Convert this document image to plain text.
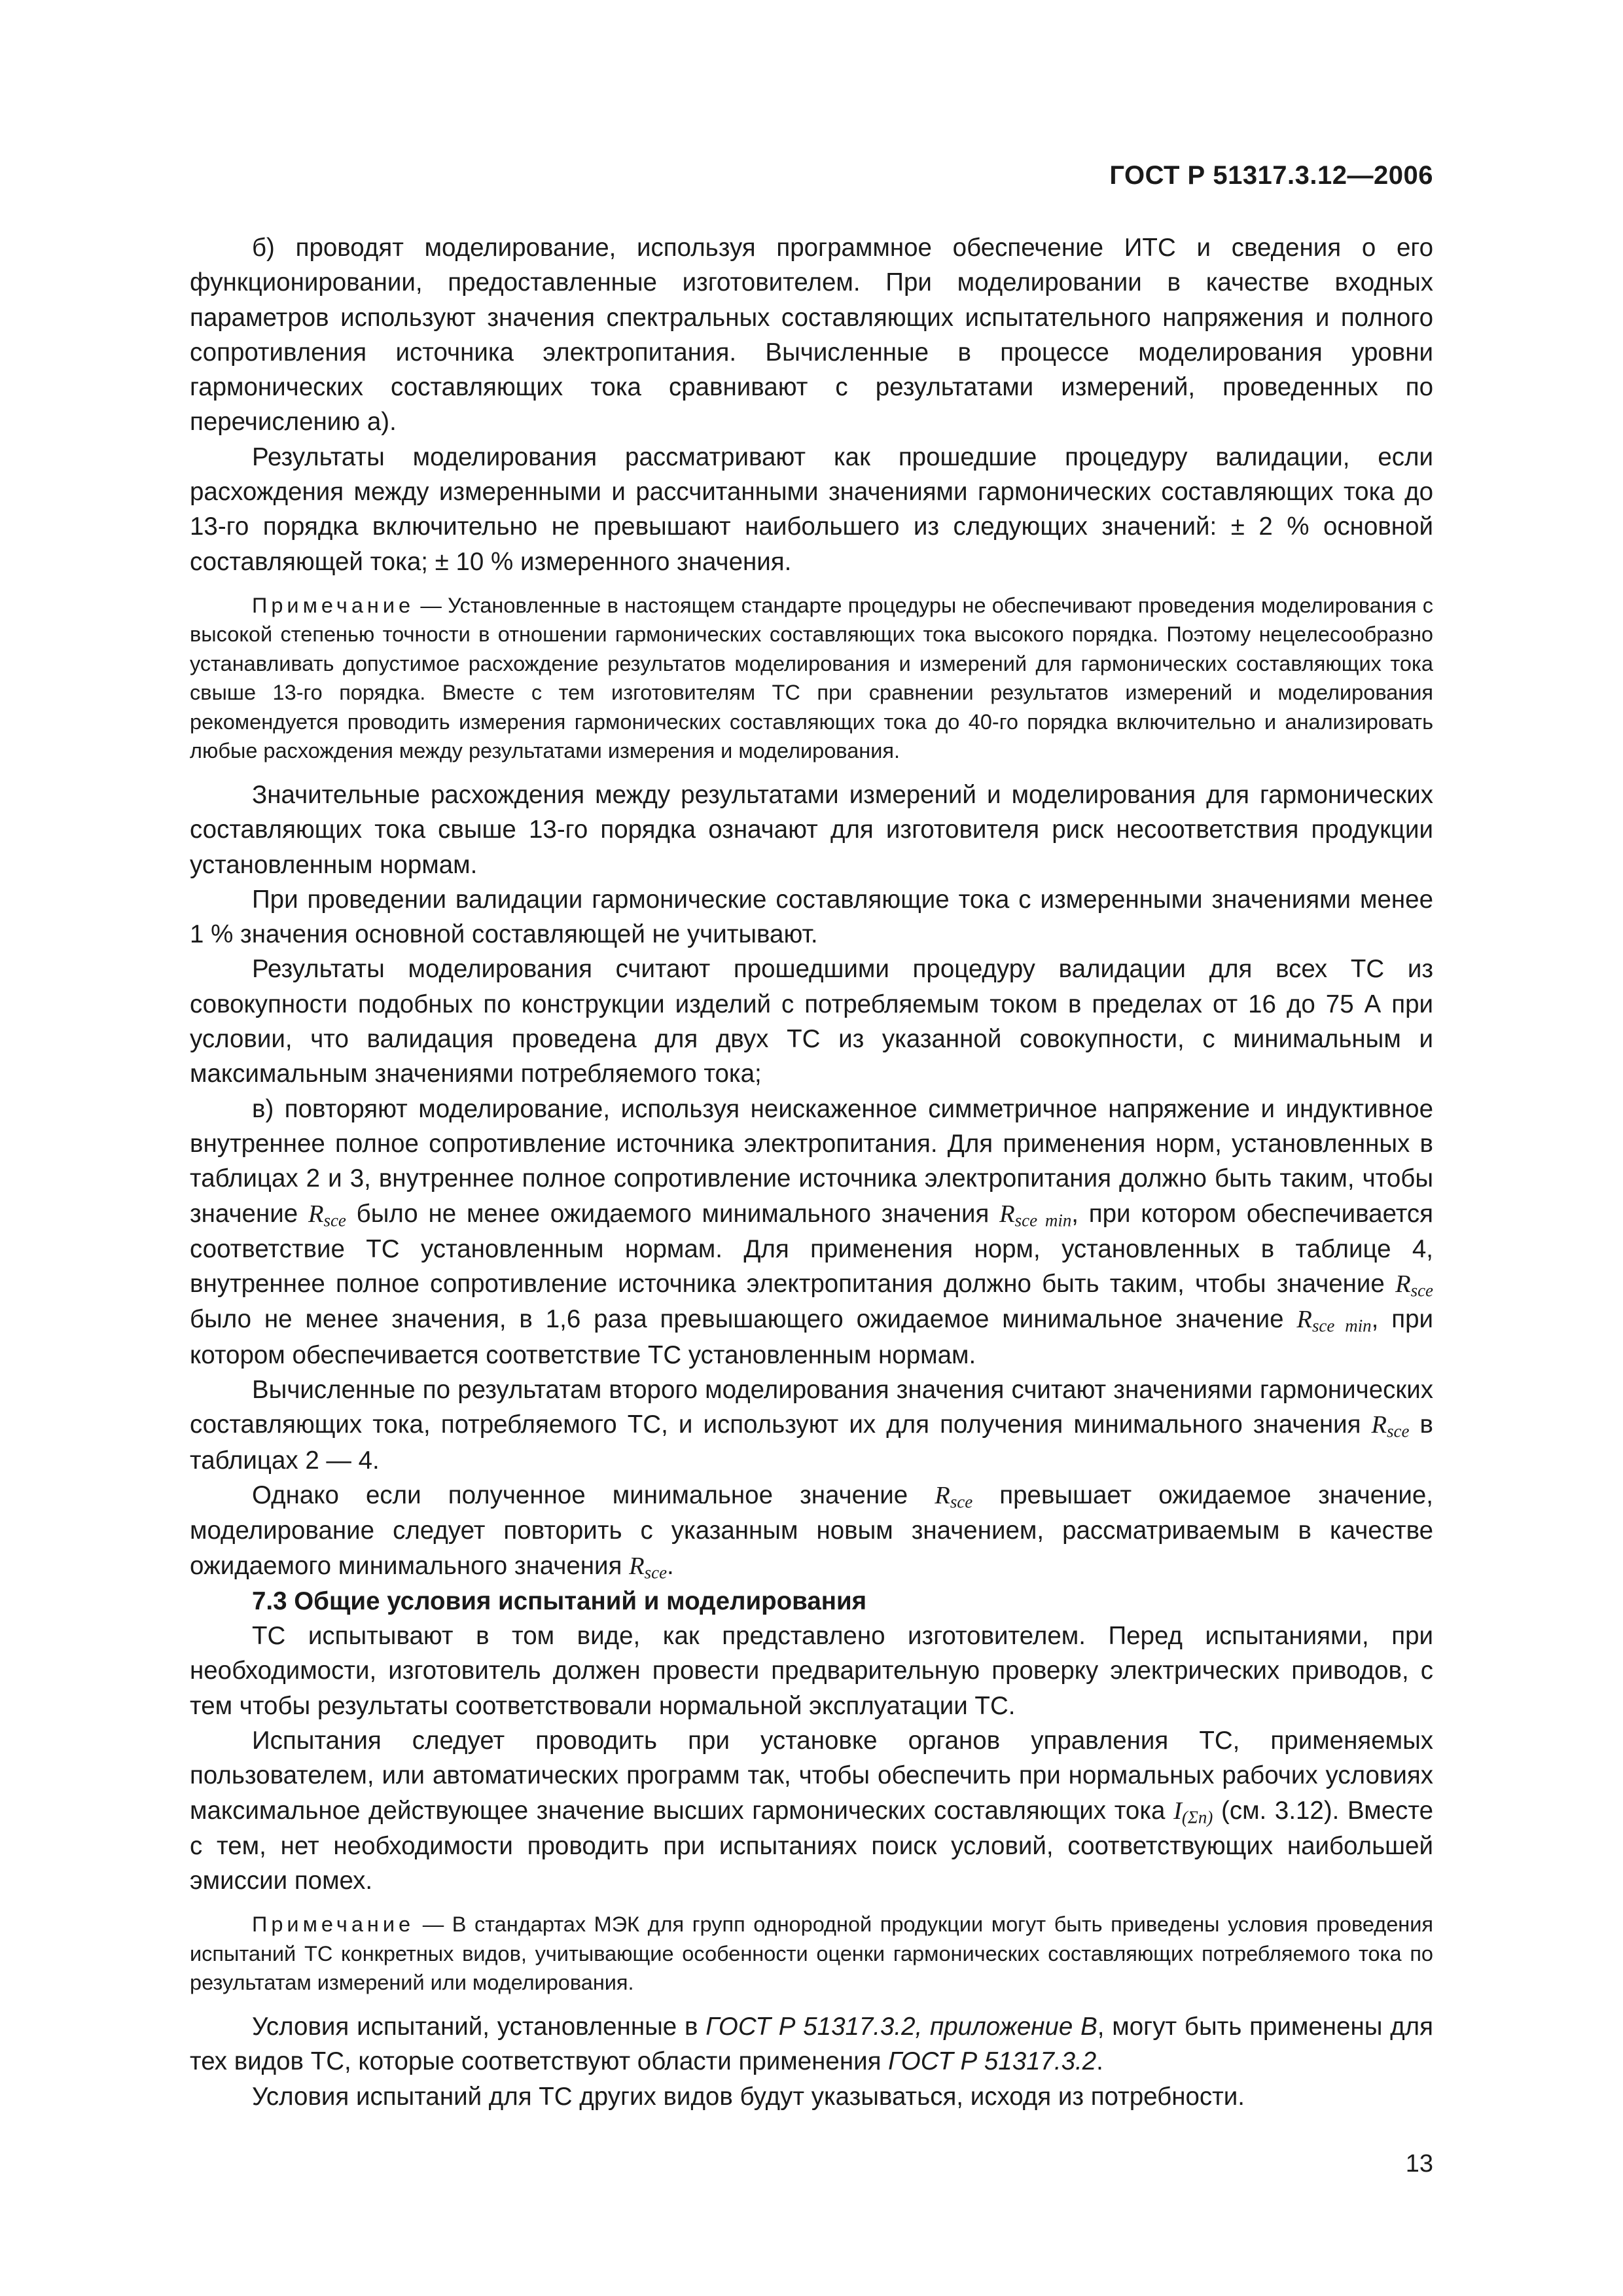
ГОСТ Р 51317.3.12—2006

б) проводят моделирование, используя программное обеспечение ИТС и сведения о его функционировании, предоставленные изготовителем. При моделировании в качестве входных параметров используют значения спектральных составляющих испытательного напряжения и полного сопротивления источника электропитания. Вычисленные в процессе моделирования уровни гармонических составляющих тока сравнивают с результатами измерений, проведенных по перечислению а).

Результаты моделирования рассматривают как прошедшие процедуру валидации, если расхождения между измеренными и рассчитанными значениями гармонических составляющих тока до 13-го порядка включительно не превышают наибольшего из следующих значений: ± 2 % основной составляющей тока; ± 10 % измеренного значения.

Примечание — Установленные в настоящем стандарте процедуры не обеспечивают проведения моделирования с высокой степенью точности в отношении гармонических составляющих тока высокого порядка. Поэтому нецелесообразно устанавливать допустимое расхождение результатов моделирования и измерений для гармонических составляющих тока свыше 13-го порядка. Вместе с тем изготовителям ТС при сравнении результатов измерений и моделирования рекомендуется проводить измерения гармонических составляющих тока до 40-го порядка включительно и анализировать любые расхождения между результатами измерения и моделирования.

Значительные расхождения между результатами измерений и моделирования для гармонических составляющих тока свыше 13-го порядка означают для изготовителя риск несоответствия продукции установленным нормам.

При проведении валидации гармонические составляющие тока с измеренными значениями менее 1 % значения основной составляющей не учитывают.

Результаты моделирования считают прошедшими процедуру валидации для всех ТС из совокупности подобных по конструкции изделий с потребляемым током в пределах от 16 до 75 А при условии, что валидация проведена для двух ТС из указанной совокупности, с минимальным и максимальным значениями потребляемого тока;

в) повторяют моделирование, используя неискаженное симметричное напряжение и индуктивное внутреннее полное сопротивление источника электропитания. Для применения норм, установленных в таблицах 2 и 3, внутреннее полное сопротивление источника электропитания должно быть таким, чтобы значение $R_{sce}$ было не менее ожидаемого минимального значения $R_{sce min}$, при котором обеспечивается соответствие ТС установленным нормам. Для применения норм, установленных в таблице 4, внутреннее полное сопротивление источника электропитания должно быть таким, чтобы значение $R_{sce}$ было не менее значения, в 1,6 раза превышающего ожидаемое минимальное значение $R_{sce min}$, при котором обеспечивается соответствие ТС установленным нормам.

Вычисленные по результатам второго моделирования значения считают значениями гармонических составляющих тока, потребляемого ТС, и используют их для получения минимального значения $R_{sce}$ в таблицах 2 — 4.

Однако если полученное минимальное значение $R_{sce}$ превышает ожидаемое значение, моделирование следует повторить с указанным новым значением, рассматриваемым в качестве ожидаемого минимального значения $R_{sce}$.

7.3 Общие условия испытаний и моделирования

ТС испытывают в том виде, как представлено изготовителем. Перед испытаниями, при необходимости, изготовитель должен провести предварительную проверку электрических приводов, с тем чтобы результаты соответствовали нормальной эксплуатации ТС.

Испытания следует проводить при установке органов управления ТС, применяемых пользователем, или автоматических программ так, чтобы обеспечить при нормальных рабочих условиях максимальное действующее значение высших гармонических составляющих тока $I_{(\Sigma n)}$ (см. 3.12). Вместе с тем, нет необходимости проводить при испытаниях поиск условий, соответствующих наибольшей эмиссии помех.

Примечание — В стандартах МЭК для групп однородной продукции могут быть приведены условия проведения испытаний ТС конкретных видов, учитывающие особенности оценки гармонических составляющих потребляемого тока по результатам измерений или моделирования.

Условия испытаний, установленные в ГОСТ Р 51317.3.2, приложение В, могут быть применены для тех видов ТС, которые соответствуют области применения ГОСТ Р 51317.3.2.

Условия испытаний для ТС других видов будут указываться, исходя из потребности.

13
